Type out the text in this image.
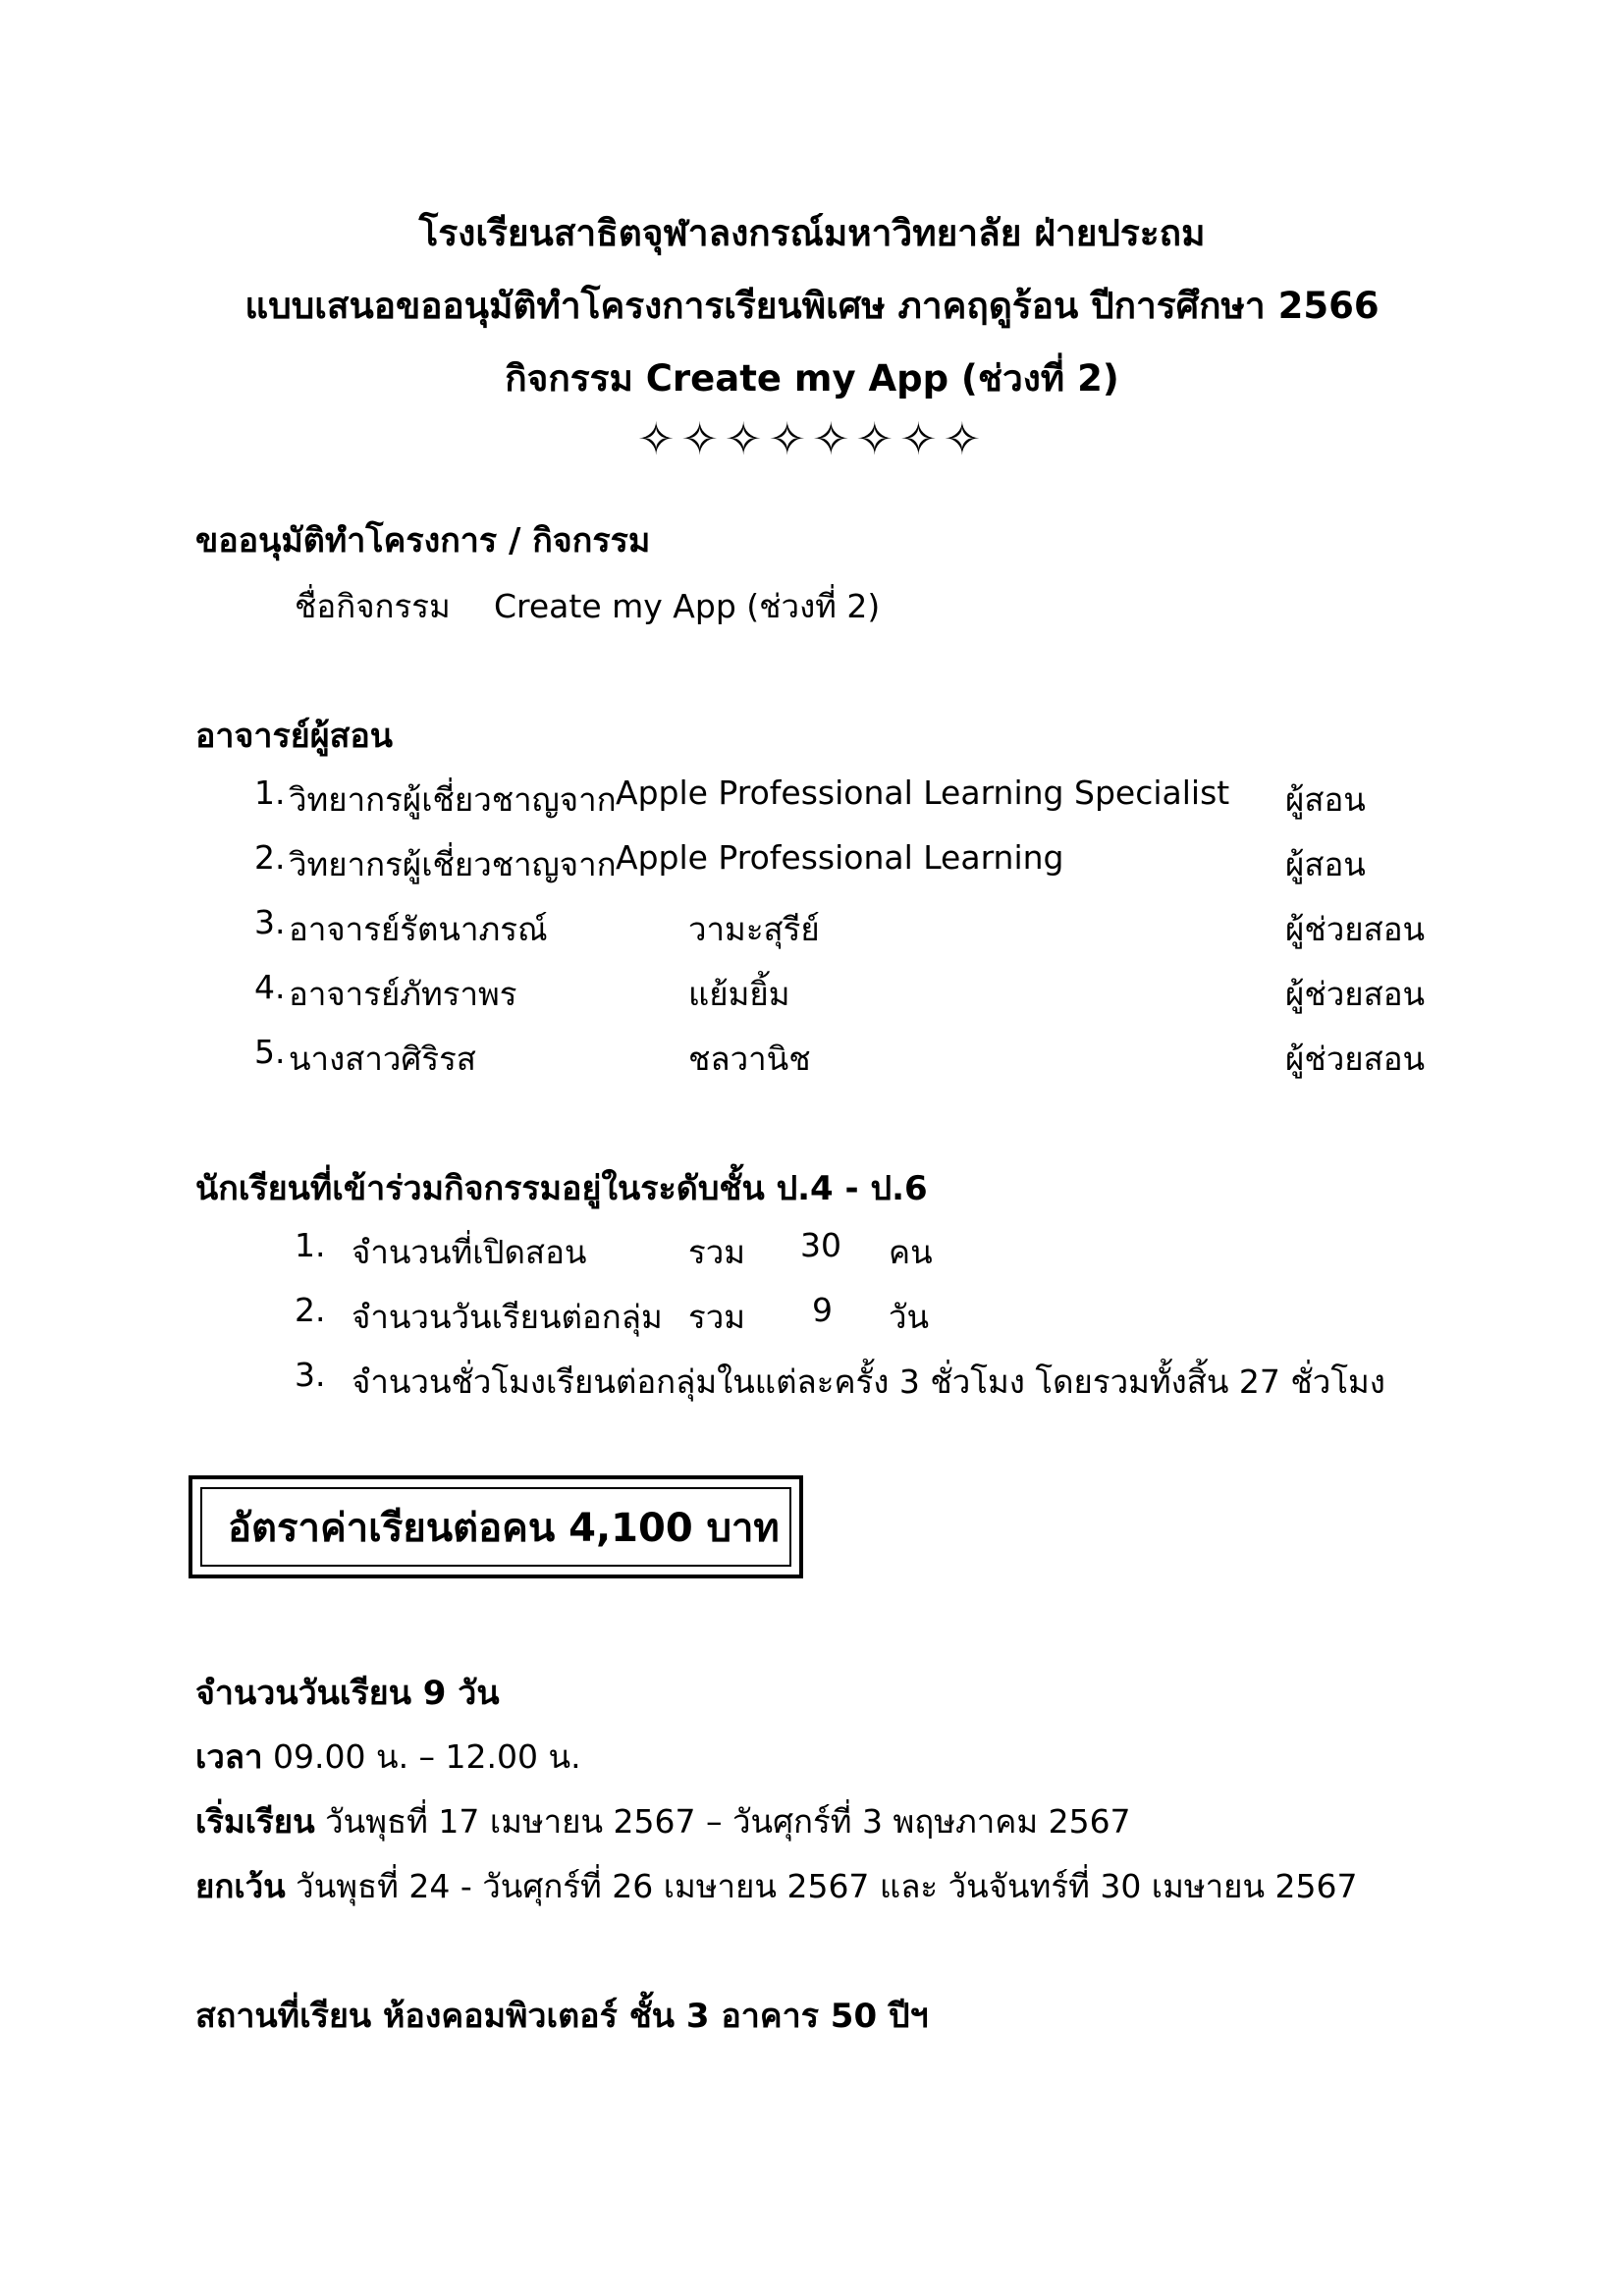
โรงเรียนสาธิตจุฬาลงกรณ์มหาวิทยาลัย ฝ่ายประถม
แบบเสนอขออนุมัติทำโครงการเรียนพิเศษ ภาคฤดูร้อน ปีการศึกษา 2566
กิจกรรม Create my App (ช่วงที่ 2)
✧✧✧✧✧✧✧✧
ขออนุมัติทำโครงการ / กิจกรรม
ชื่อกิจกรรม Create my App (ช่วงที่ 2)
อาจารย์ผู้สอน
1. วิทยากรผู้เชี่ยวชาญจาก Apple Professional Learning Specialist ผู้สอน
2. วิทยากรผู้เชี่ยวชาญจาก Apple Professional Learning	ผู้สอน
3. อาจารย์รัตนาภรณ์	วามะสุรีย์	ผู้ช่วยสอน
4. อาจารย์ภัทราพร	แย้มยิ้ม	ผู้ช่วยสอน
5. นางสาวศิริรส	ชลวานิช	ผู้ช่วยสอน
นักเรียนที่เข้าร่วมกิจกรรมอยู่ในระดับชั้น ป.4 - ป.6
1. จำนวนที่เปิดสอน	รวม 30 คน
2. จำนวนวันเรียนต่อกลุ่ม รวม 9 วัน
3. จำนวนชั่วโมงเรียนต่อกลุ่มในแต่ละครั้ง 3 ชั่วโมง โดยรวมทั้งสิ้น 27 ชั่วโมง
อัตราค่าเรียนต่อคน 4,100 บาท
จำนวนวันเรียน 9 วัน
เวลา 09.00 น. – 12.00 น.
เริ่มเรียน วันพุธที่ 17 เมษายน 2567 – วันศุกร์ที่ 3 พฤษภาคม 2567
ยกเว้น วันพุธที่ 24 - วันศุกร์ที่ 26 เมษายน 2567 และ วันจันทร์ที่ 30 เมษายน 2567
สถานที่เรียน ห้องคอมพิวเตอร์ ชั้น 3 อาคาร 50 ปีฯ
